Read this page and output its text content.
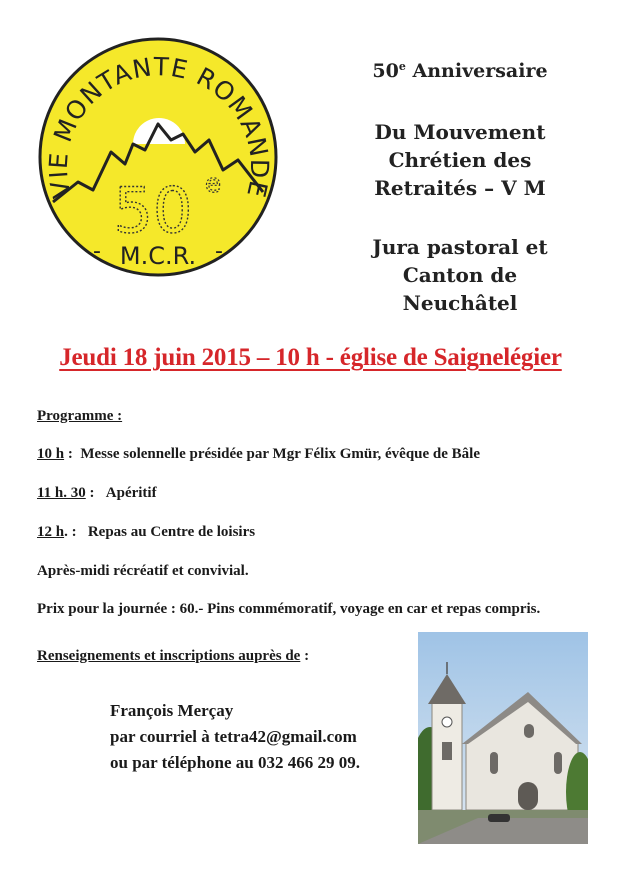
VIE MONTANTE ROMANDE
50 e
- M.C.R. -
50e Anniversaire
Du Mouvement
Chrétien des
Retraités – V M
Jura pastoral et
Canton de
Neuchâtel
Jeudi 18 juin 2015 – 10 h - église de Saignelégier
Programme :
10 h : Messe solennelle présidée par Mgr Félix Gmür, évêque de Bâle
11 h. 30 : Apéritif
12 h. : Repas au Centre de loisirs
Après-midi récréatif et convivial.
Prix pour la journée : 60.- Pins commémoratif, voyage en car et repas compris.
Renseignements et inscriptions auprès de :
François Merçay
par courriel à tetra42@gmail.com
ou par téléphone au 032 466 29 09.
